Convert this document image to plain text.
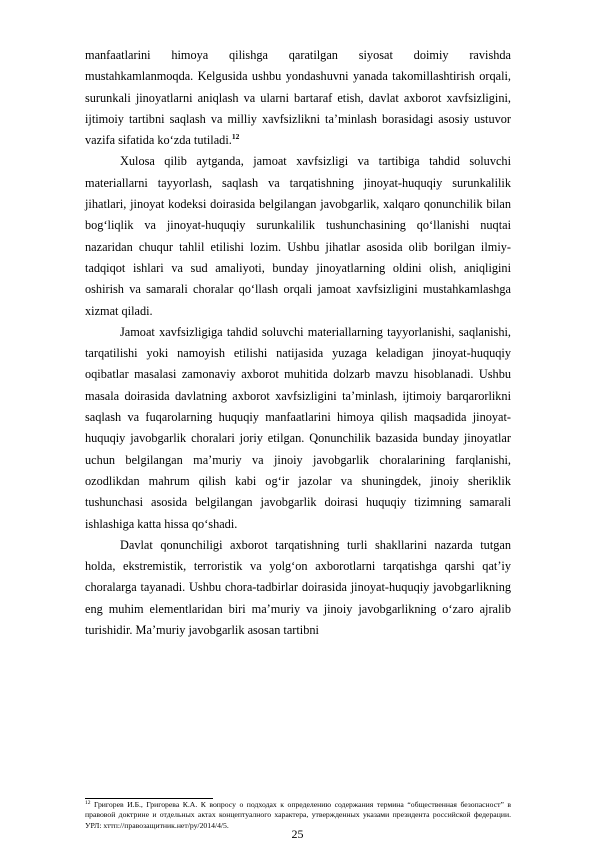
manfaatlarini himoya qilishga qaratilgan siyosat doimiy ravishda mustahkamlanmoqda. Kelgusida ushbu yondashuvni yanada takomillashtirish orqali, surunkali jinoyatlarni aniqlash va ularni bartaraf etish, davlat axborot xavfsizligini, ijtimoiy tartibni saqlash va milliy xavfsizlikni ta’minlash borasidagi asosiy ustuvor vazifa sifatida ko‘zda tutiladi.$^{12}$

Xulosa qilib aytganda, jamoat xavfsizligi va tartibiga tahdid soluvchi materiallarni tayyorlash, saqlash va tarqatishning jinoyat-huquqiy surunkalilik jihatlari, jinoyat kodeksi doirasida belgilangan javobgarlik, xalqaro qonunchilik bilan bog‘liqlik va jinoyat-huquqiy surunkalilik tushunchasining qo‘llanishi nuqtai nazaridan chuqur tahlil etilishi lozim. Ushbu jihatlar asosida olib borilgan ilmiy-tadqiqot ishlari va sud amaliyoti, bunday jinoyatlarning oldini olish, aniqligini oshirish va samarali choralar qo‘llash orqali jamoat xavfsizligini mustahkamlashga xizmat qiladi.

Jamoat xavfsizligiga tahdid soluvchi materiallarning tayyorlanishi, saqlanishi, tarqatilishi yoki namoyish etilishi natijasida yuzaga keladigan jinoyat-huquqiy oqibatlar masalasi zamonaviy axborot muhitida dolzarb mavzu hisoblanadi. Ushbu masala doirasida davlatning axborot xavfsizligini ta’minlash, ijtimoiy barqarorlikni saqlash va fuqarolarning huquqiy manfaatlarini himoya qilish maqsadida jinoyat-huquqiy javobgarlik choralari joriy etilgan. Qonunchilik bazasida bunday jinoyatlar uchun belgilangan ma’muriy va jinoiy javobgarlik choralarining farqlanishi, ozodlikdan mahrum qilish kabi og‘ir jazolar va shuningdek, jinoiy sheriklik tushunchasi asosida belgilangan javobgarlik doirasi huquqiy tizimning samarali ishlashiga katta hissa qo‘shadi.

Davlat qonunchiligi axborot tarqatishning turli shakllarini nazarda tutgan holda, ekstremistik, terroristik va yolg‘on axborotlarni tarqatishga qarshi qat’iy choralarga tayanadi. Ushbu chora-tadbirlar doirasida jinoyat-huquqiy javobgarlikning eng muhim elementlaridan biri ma’muriy va jinoiy javobgarlikning o‘zaro ajralib turishidir. Ma’muriy javobgarlik asosan tartibni

$^{12}$ Григорев И.Б., Григорева К.А. К вопросу о подходах к определению содержания термина “общественная безопасност” в правовой доктрине и отдельных актах концептуалного характера, утвержденных указами президента российской федерации. УРЛ: хттп://правозащитник.нет/ру/2014/4/5.

25
